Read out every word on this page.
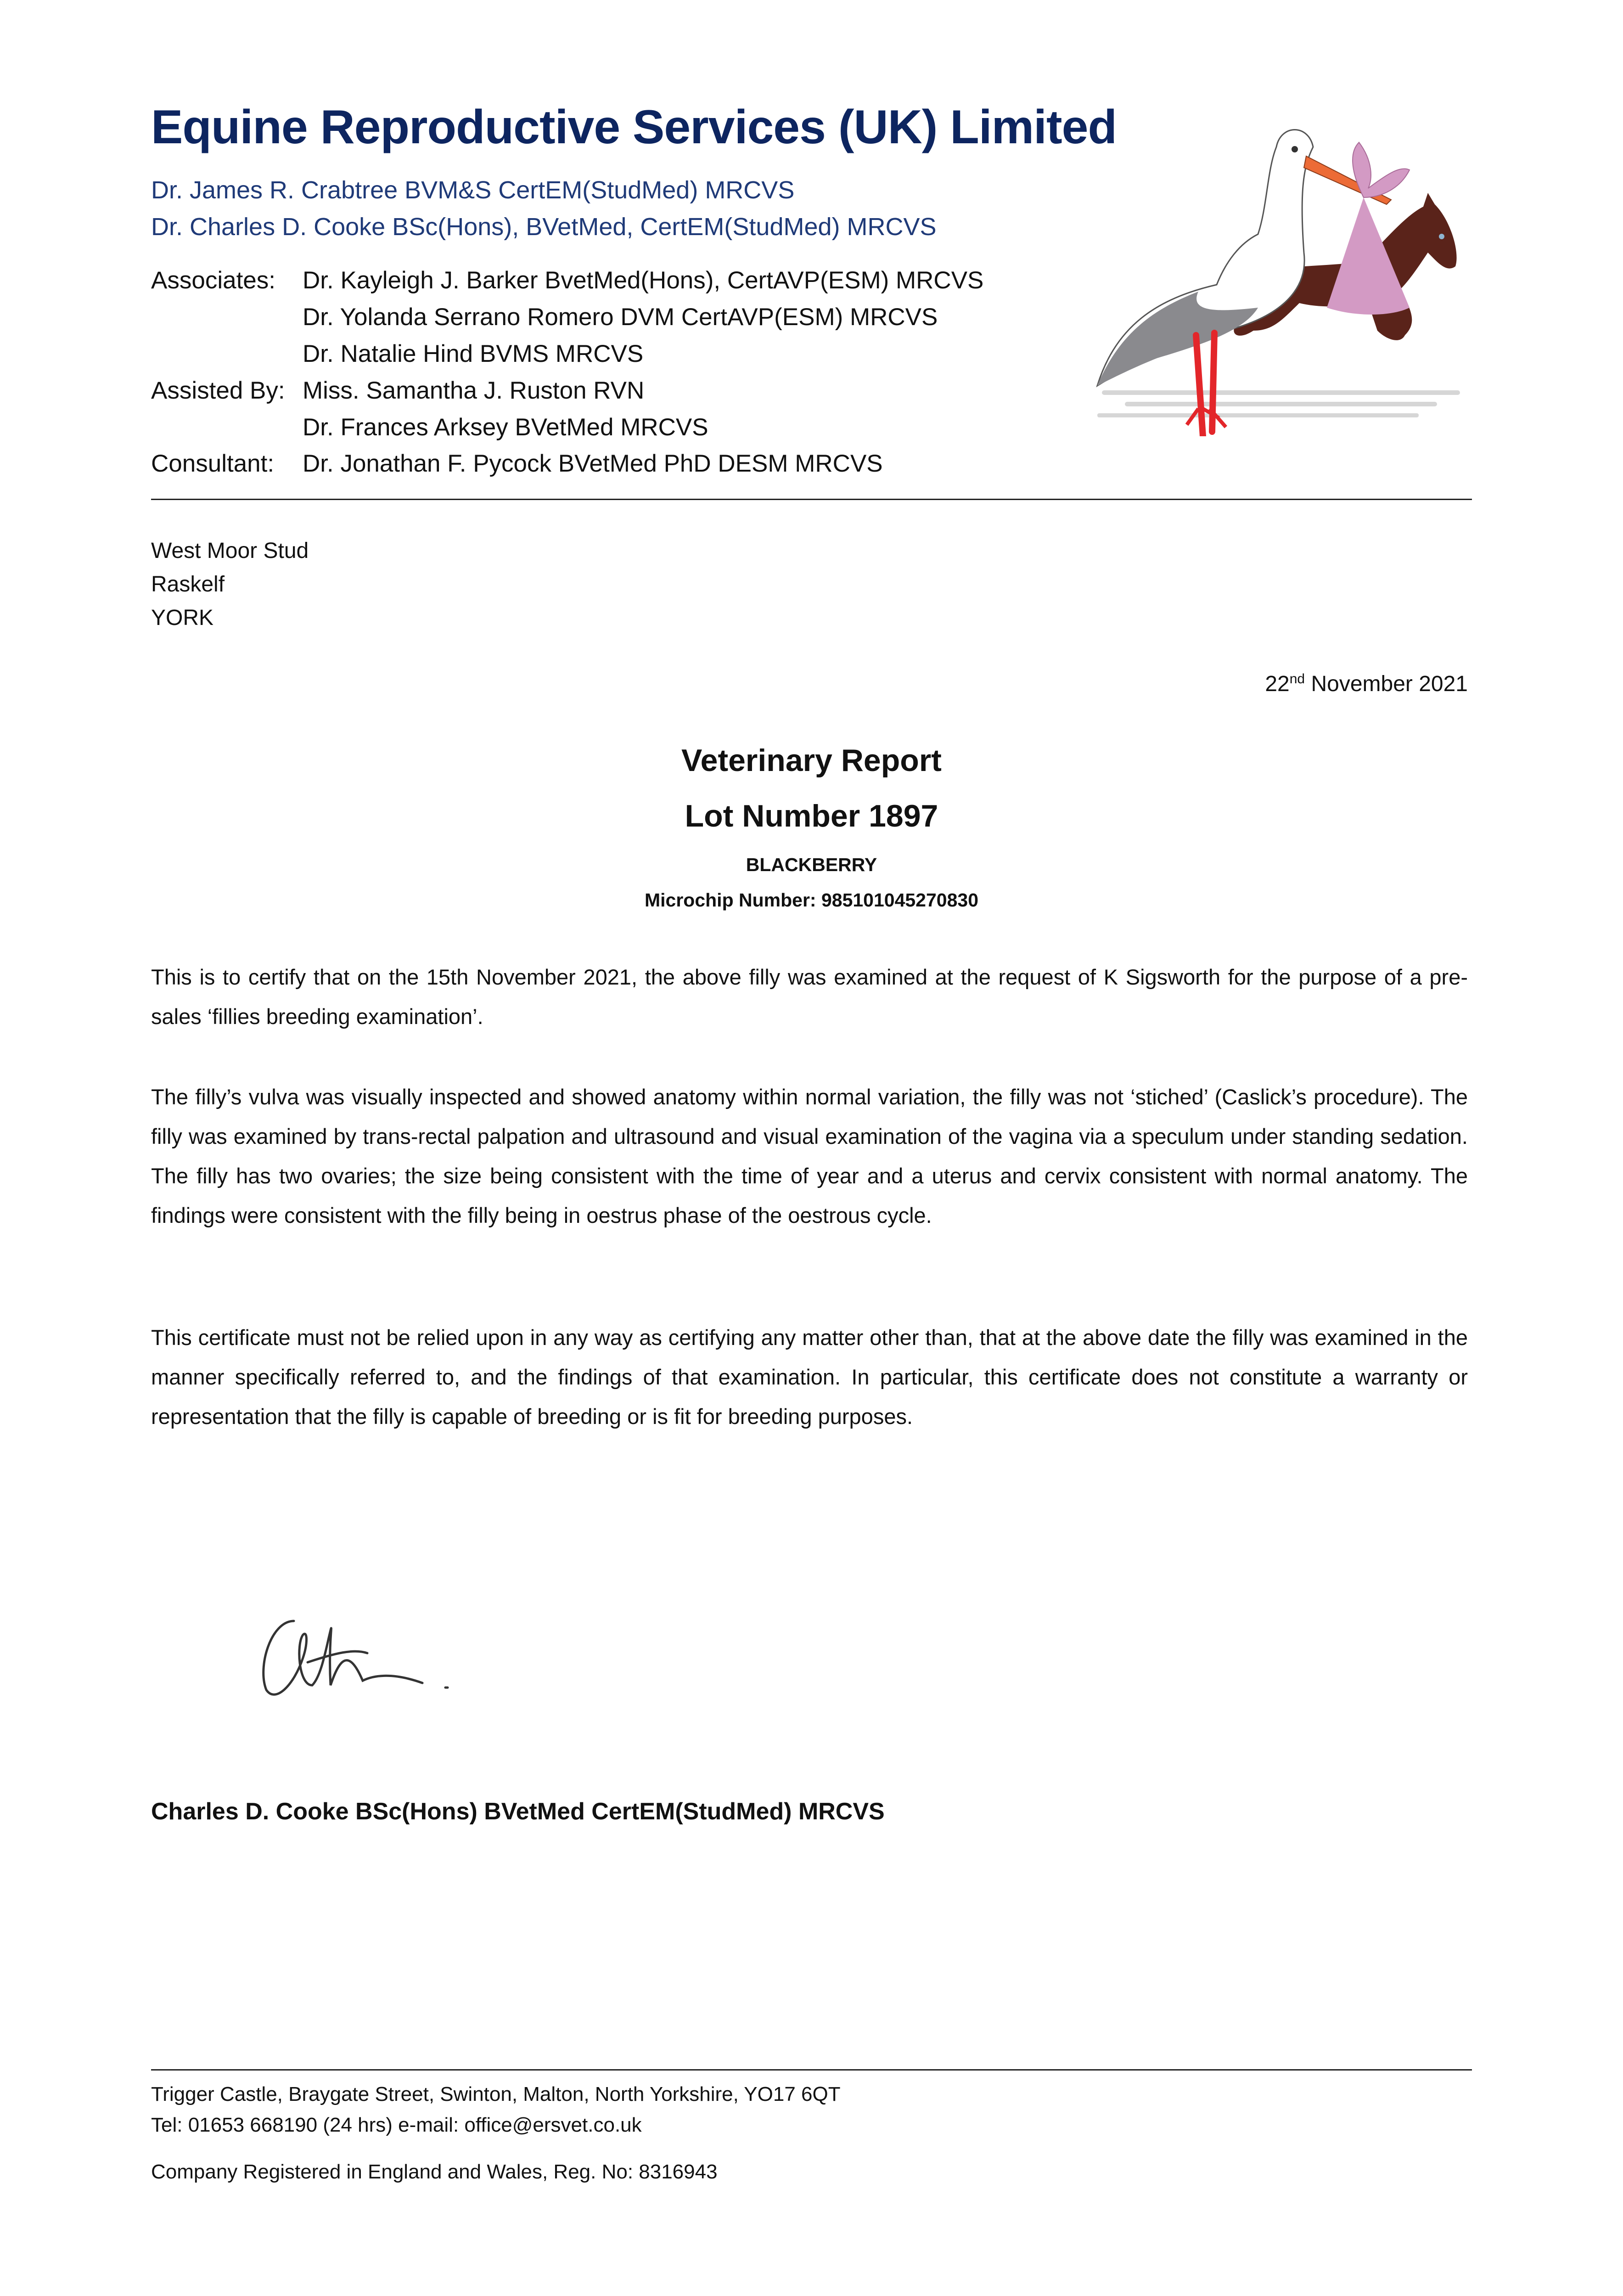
Equine Reproductive Services (UK) Limited
Dr. James R. Crabtree BVM&S CertEM(StudMed) MRCVS
Dr. Charles D. Cooke BSc(Hons), BVetMed, CertEM(StudMed) MRCVS
Associates: Dr. Kayleigh J. Barker BvetMed(Hons), CertAVP(ESM) MRCVS
Dr. Yolanda Serrano Romero DVM CertAVP(ESM) MRCVS
Dr. Natalie Hind BVMS MRCVS
Assisted By: Miss. Samantha J. Ruston RVN
Dr. Frances Arksey BVetMed MRCVS
Consultant: Dr. Jonathan F. Pycock BVetMed PhD DESM MRCVS
West Moor Stud
Raskelf
YORK
22nd November 2021
Veterinary Report
Lot Number 1897
BLACKBERRY
Microchip Number: 985101045270830
This is to certify that on the 15th November 2021, the above filly was examined at the request of K Sigsworth for the purpose of a pre-sales ‘fillies breeding examination’.
The filly’s vulva was visually inspected and showed anatomy within normal variation, the filly was not ‘stiched’ (Caslick’s procedure). The filly was examined by trans-rectal palpation and ultrasound and visual examination of the vagina via a speculum under standing sedation. The filly has two ovaries; the size being consistent with the time of year and a uterus and cervix consistent with normal anatomy. The findings were consistent with the filly being in oestrus phase of the oestrous cycle.
This certificate must not be relied upon in any way as certifying any matter other than, that at the above date the filly was examined in the manner specifically referred to, and the findings of that examination. In particular, this certificate does not constitute a warranty or representation that the filly is capable of breeding or is fit for breeding purposes.
Charles D. Cooke BSc(Hons) BVetMed CertEM(StudMed) MRCVS
Trigger Castle, Braygate Street, Swinton, Malton, North Yorkshire, YO17 6QT
Tel: 01653 668190 (24 hrs) e-mail: office@ersvet.co.uk
Company Registered in England and Wales, Reg. No: 8316943
